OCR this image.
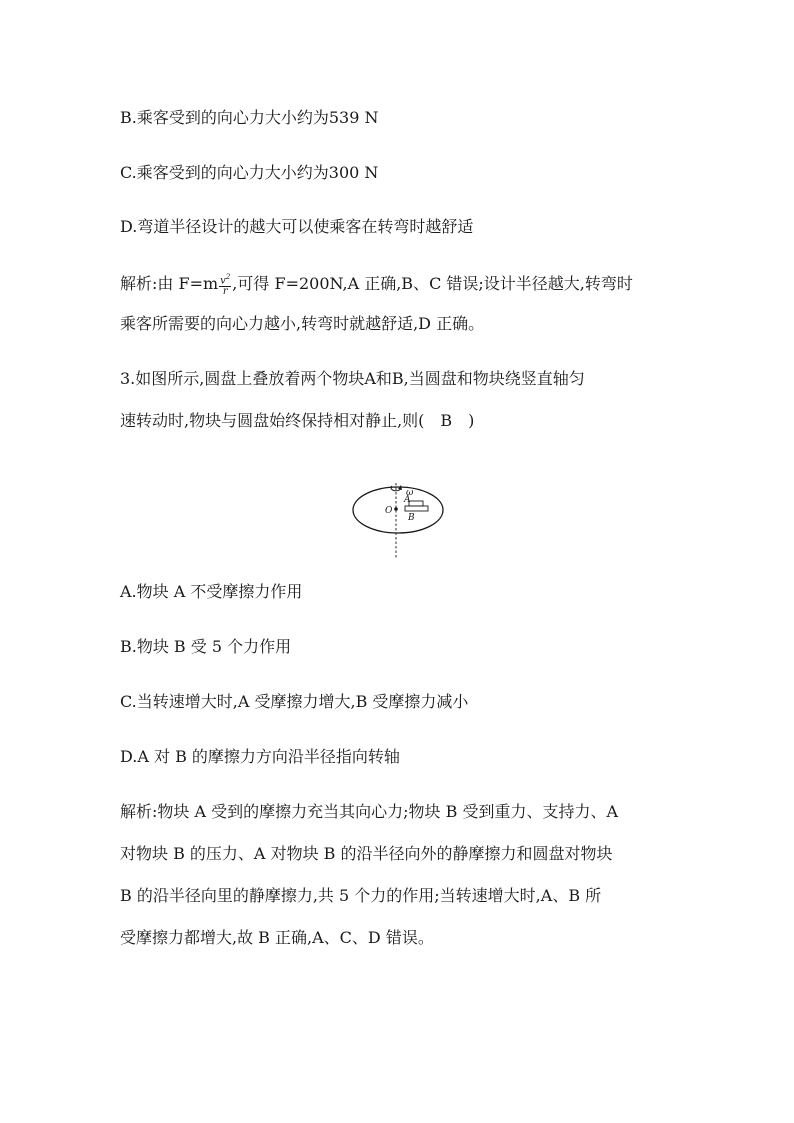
B.乘客受到的向心力大小约为539 N
C.乘客受到的向心力大小约为300 N
D.弯道半径设计的越大可以使乘客在转弯时越舒适
解析:由 $F=m \frac{v^2}{r}$ ,可得 F=200N,A 正确,B、C 错误;设计半径越大,转弯时
乘客所需要的向心力越小,转弯时就越舒适,D 正确。
3.如图所示,圆盘上叠放着两个物块A和B,当圆盘和物块绕竖直轴匀
速转动时,物块与圆盘始终保持相对静止,则(　B　)
ω
O
A
B
A.物块 A 不受摩擦力作用
B.物块 B 受 5 个力作用
C.当转速增大时,A 受摩擦力增大,B 受摩擦力减小
D.A 对 B 的摩擦力方向沿半径指向转轴
解析:物块 A 受到的摩擦力充当其向心力;物块 B 受到重力、支持力、A
对物块 B 的压力、A 对物块 B 的沿半径向外的静摩擦力和圆盘对物块
B 的沿半径向里的静摩擦力,共 5 个力的作用;当转速增大时,A、B 所
受摩擦力都增大,故 B 正确,A、C、D 错误。
